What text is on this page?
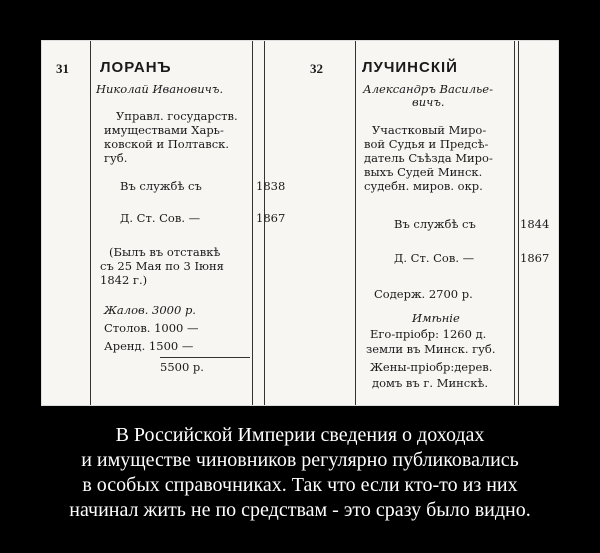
31 ЛОРАНЪ
Николай Ивановичъ.
Управл. государств.
имуществами Харь-
ковской и Полтавск.
губ.
Въ службѣ съ	1838
Д. Ст. Сов. —	1867
(Былъ въ отставкѣ
съ 25 Мая по 3 Іюня
1842 г.)
Жалов. 3000 р.
Столов. 1000 —
Аренд. 1500 —
5500 р.
32	ЛУЧИНСКІЙ
Александръ Василье-
вичъ.
Участковый Миро-
вой Судья и Предсѣ-
датель Съѣзда Миро-
выхъ Судей Минск.
судебн. миров. окр.
Въ службѣ съ	1844
Д. Ст. Сов. —	1867
Содерж. 2700 р.
Имѣніе
Его-пріобр: 1260 д.
земли въ Минск. губ.
Жены-пріобр:дерев.
домъ въ г. Минскѣ.
В Российской Империи сведения о доходах
и имуществе чиновников регулярно публиковались
в особых справочниках. Так что если кто-то из них
начинал жить не по средствам - это сразу было видно.
